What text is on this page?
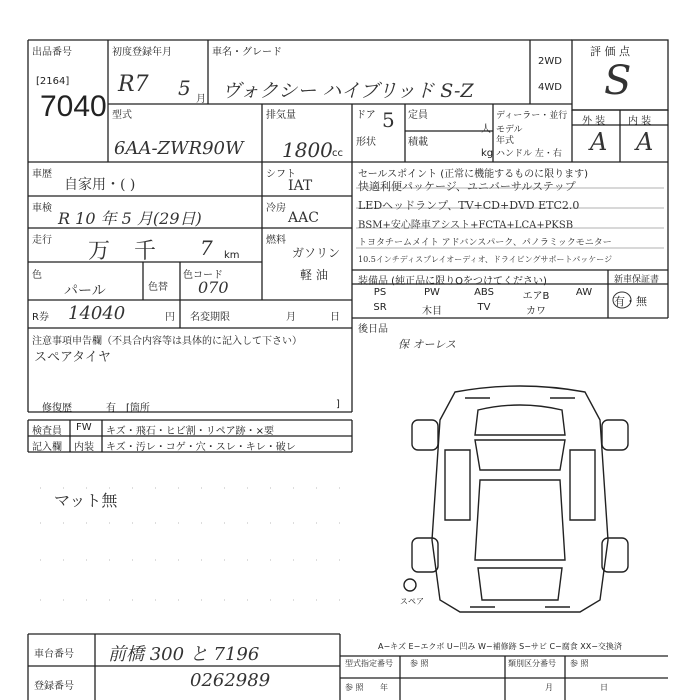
スペア
出品番号
[2164]
7040
初度登録年月
R7 5 月
車名・グレード
ヴォクシー ハイブリッド S-Z
2WD
4WD
評 価 点
S
外 装 内 装
A A
型式
6AA-ZWR90W
排気量
1800 cc
ドア 5 定員
人
形状	積載
kg
ディーラー・並行
モデル
年式
ハンドル 左・右
車歴
自家用・( )
シフト
IAT
車検
R 10 年 5 月(29日)
冷房
AAC
走行 万 千 7 km
燃料
ガソリン
軽 油
色
パール	色替
色コード
070
R券 14040	円 名変期限	月	日
セールスポイント (正常に機能するものに限ります)
快適利便パッケージ、ユニバーサルステップ
LEDヘッドランプ、TV+CD+DVD ETC2.0
BSM+安心降車アシスト+FCTA+LCA+PKSB
トヨタチームメイト アドバンスパーク、パノラミックモニター
10.5インチディスプレイオーディオ、ドライビングサポートパッケージ
装備品 (純正品に限りOをつけてください)	新車保証書
有・無
PS	PW	ABS	エアB	AW
SR	木目	TV	カワ
後日品
保 オーレス
注意事項申告欄（不具合内容等は具体的に記入して下さい）
スペアタイヤ
修復歴	有 [箇所	]
検査員
記入欄
FW キズ・飛石・ヒビ割・リペア跡・×要
内装 キズ・汚レ・コゲ・穴・スレ・キレ・破レ
マット無
A−キズ E−エクボ U−凹み W−補修跡 S−サビ C−腐食 XX−交換済
車台番号 前橋 300 と 7196
登録番号	0262989
型式指定番号 参 照	類別区分番号 参 照
参 照 年	月	日
